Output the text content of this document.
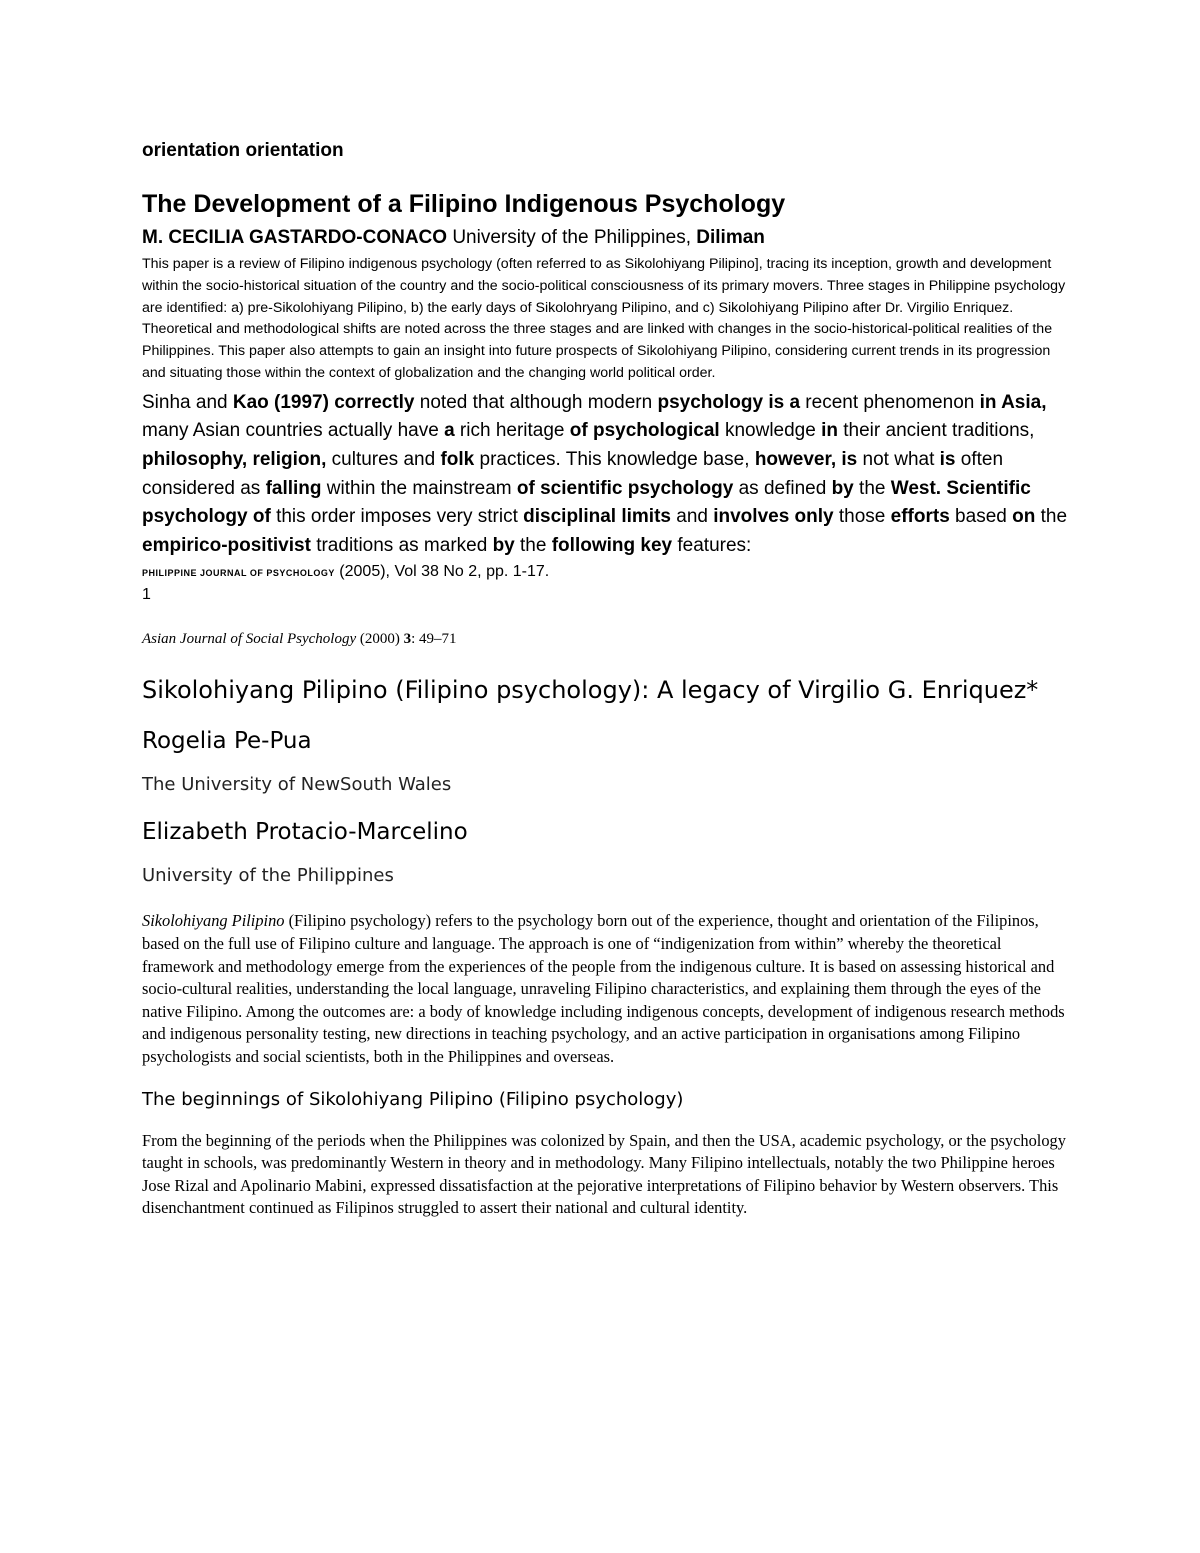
orientation orientation

The Development of a Filipino Indigenous Psychology

M. CECILIA GASTARDO-CONACO University of the Philippines, Diliman

This paper is a review of Filipino indigenous psychology (often referred to as Sikolohiyang Pilipino], tracing its inception, growth and development within the socio-historical situation of the country and the socio-political consciousness of its primary movers. Three stages in Philippine psychology are identified: a) pre-Sikolohiyang Pilipino, b) the early days of Sikolohryang Pilipino, and c) Sikolohiyang Pilipino after Dr. Virgilio Enriquez. Theoretical and methodological shifts are noted across the three stages and are linked with changes in the socio-historical-political realities of the Philippines. This paper also attempts to gain an insight into future prospects of Sikolohiyang Pilipino, considering current trends in its progression and situating those within the context of globalization and the changing world political order.

Sinha and Kao (1997) correctly noted that although modern psychology is a recent phenomenon in Asia, many Asian countries actually have a rich heritage of psychological knowledge in their ancient traditions, philosophy, religion, cultures and folk practices. This knowledge base, however, is not what is often considered as falling within the mainstream of scientific psychology as defined by the West. Scientific psychology of this order imposes very strict disciplinal limits and involves only those efforts based on the empirico-positivist traditions as marked by the following key features:

PHILIPPINE JOURNAL OF PSYCHOLOGY (2005), Vol 38 No 2, pp. 1-17.

1

Asian Journal of Social Psychology (2000) 3: 49–71

Sikolohiyang Pilipino (Filipino psychology): A legacy of Virgilio G. Enriquez*
Rogelia Pe-Pua

The University of NewSouth Wales

Elizabeth Protacio-Marcelino

University of the Philippines

Sikolohiyang Pilipino (Filipino psychology) refers to the psychology born out of the experience, thought and orientation of the Filipinos, based on the full use of Filipino culture and language. The approach is one of “indigenization from within” whereby the theoretical framework and methodology emerge from the experiences of the people from the indigenous culture. It is based on assessing historical and socio-cultural realities, understanding the local language, unraveling Filipino characteristics, and explaining them through the eyes of the native Filipino. Among the outcomes are: a body of knowledge including indigenous concepts, development of indigenous research methods and indigenous personality testing, new directions in teaching psychology, and an active participation in organisations among Filipino psychologists and social scientists, both in the Philippines and overseas.

The beginnings of Sikolohiyang Pilipino (Filipino psychology)

From the beginning of the periods when the Philippines was colonized by Spain, and then the USA, academic psychology, or the psychology taught in schools, was predominantly Western in theory and in methodology. Many Filipino intellectuals, notably the two Philippine heroes Jose Rizal and Apolinario Mabini, expressed dissatisfaction at the pejorative interpretations of Filipino behavior by Western observers. This disenchantment continued as Filipinos struggled to assert their national and cultural identity.
